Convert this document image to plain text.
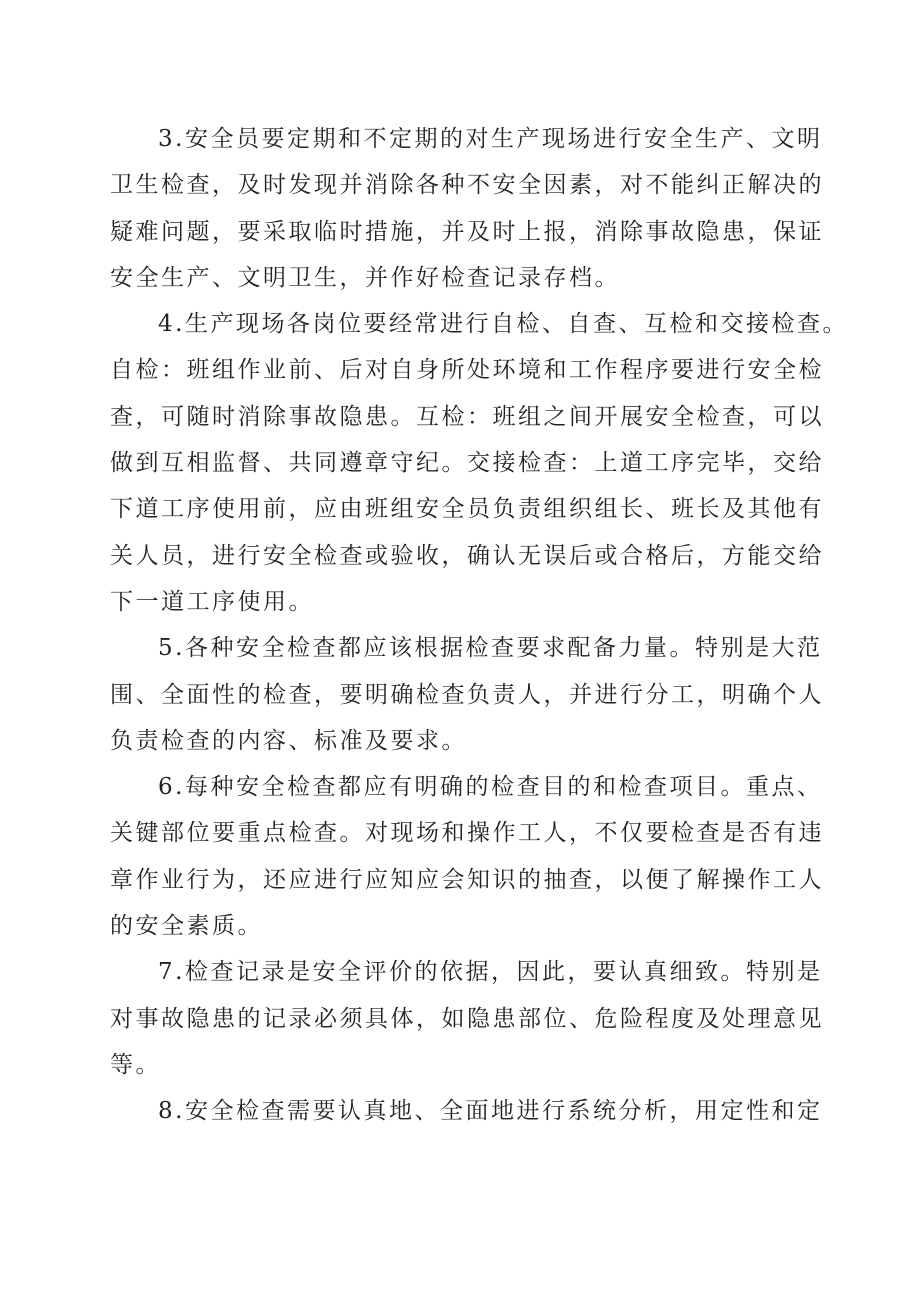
3.安全员要定期和不定期的对生产现场进行安全生产、文明
卫生检查，及时发现并消除各种不安全因素，对不能纠正解决的
疑难问题，要采取临时措施，并及时上报，消除事故隐患，保证
安全生产、文明卫生，并作好检查记录存档。

4.生产现场各岗位要经常进行自检、自查、互检和交接检查。
自检：班组作业前、后对自身所处环境和工作程序要进行安全检
查，可随时消除事故隐患。互检：班组之间开展安全检查，可以
做到互相监督、共同遵章守纪。交接检查：上道工序完毕，交给
下道工序使用前，应由班组安全员负责组织组长、班长及其他有
关人员，进行安全检查或验收，确认无误后或合格后，方能交给
下一道工序使用。

5.各种安全检查都应该根据检查要求配备力量。特别是大范
围、全面性的检查，要明确检查负责人，并进行分工，明确个人
负责检查的内容、标准及要求。

6.每种安全检查都应有明确的检查目的和检查项目。重点、
关键部位要重点检查。对现场和操作工人，不仅要检查是否有违
章作业行为，还应进行应知应会知识的抽查，以便了解操作工人
的安全素质。

7.检查记录是安全评价的依据，因此，要认真细致。特别是
对事故隐患的记录必须具体，如隐患部位、危险程度及处理意见
等。

8.安全检查需要认真地、全面地进行系统分析，用定性和定
